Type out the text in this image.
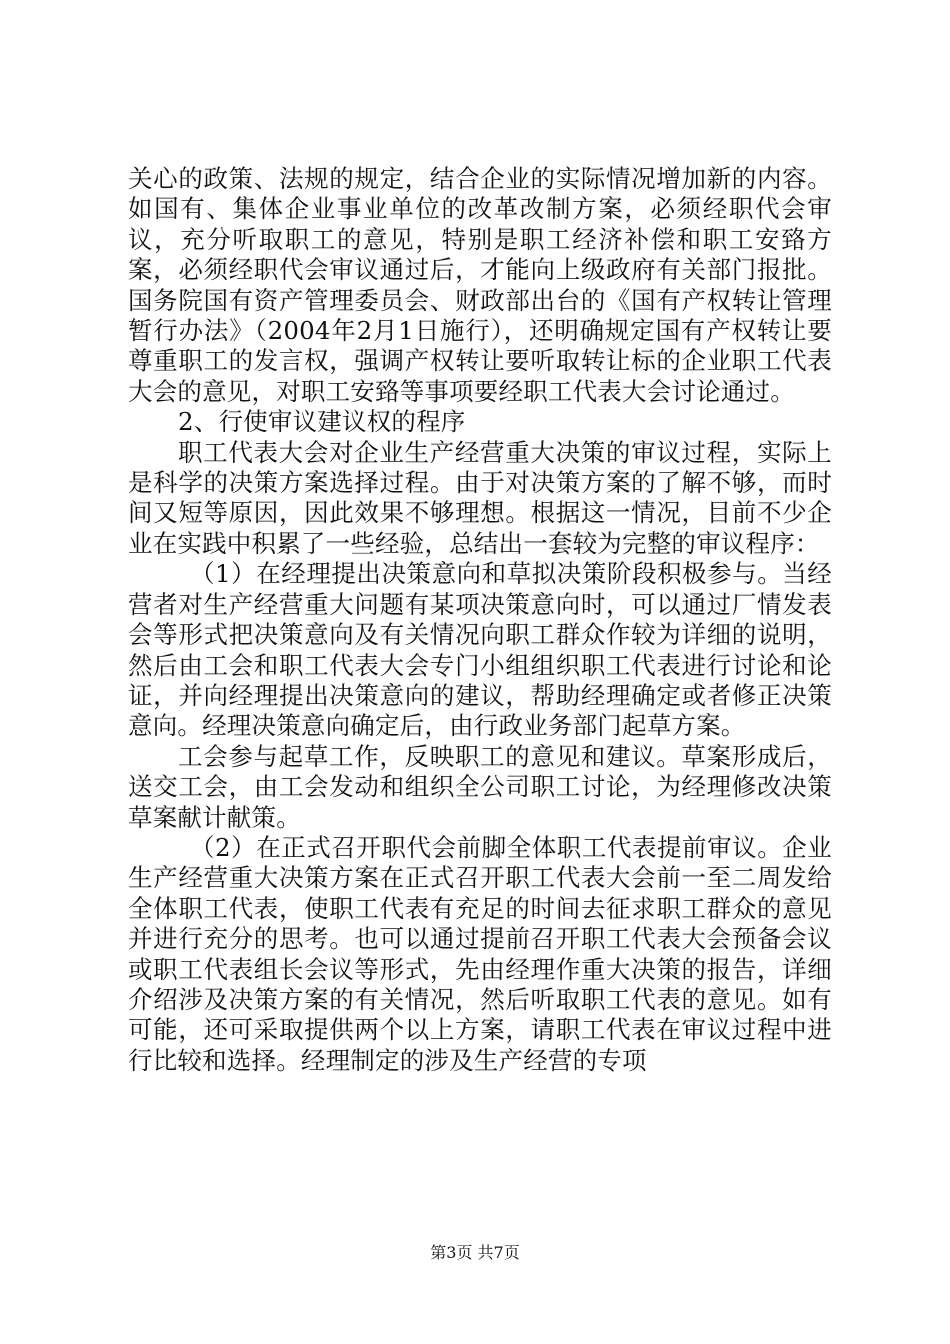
关心的政策、法规的规定，结合企业的实际情况增加新的内容。如国有、集体企业事业单位的改革改制方案，必须经职代会审议，充分听取职工的意见，特别是职工经济补偿和职工安臵方案，必须经职代会审议通过后，才能向上级政府有关部门报批。国务院国有资产管理委员会、财政部出台的《国有产权转让管理暂行办法》（2004年2月1日施行），还明确规定国有产权转让要尊重职工的发言权，强调产权转让要听取转让标的企业职工代表大会的意见，对职工安臵等事项要经职工代表大会讨论通过。

2、行使审议建议权的程序

职工代表大会对企业生产经营重大决策的审议过程，实际上是科学的决策方案选择过程。由于对决策方案的了解不够，而时间又短等原因，因此效果不够理想。根据这一情况，目前不少企业在实践中积累了一些经验，总结出一套较为完整的审议程序：

（1）在经理提出决策意向和草拟决策阶段积极参与。当经营者对生产经营重大问题有某项决策意向时，可以通过厂情发表会等形式把决策意向及有关情况向职工群众作较为详细的说明，然后由工会和职工代表大会专门小组组织职工代表进行讨论和论证，并向经理提出决策意向的建议，帮助经理确定或者修正决策意向。经理决策意向确定后，由行政业务部门起草方案。

工会参与起草工作，反映职工的意见和建议。草案形成后，送交工会，由工会发动和组织全公司职工讨论，为经理修改决策草案献计献策。

（2）在正式召开职代会前脚全体职工代表提前审议。企业生产经营重大决策方案在正式召开职工代表大会前一至二周发给全体职工代表，使职工代表有充足的时间去征求职工群众的意见并进行充分的思考。也可以通过提前召开职工代表大会预备会议或职工代表组长会议等形式，先由经理作重大决策的报告，详细介绍涉及决策方案的有关情况，然后听取职工代表的意见。如有可能，还可采取提供两个以上方案，请职工代表在审议过程中进行比较和选择。经理制定的涉及生产经营的专项

第3页 共7页
